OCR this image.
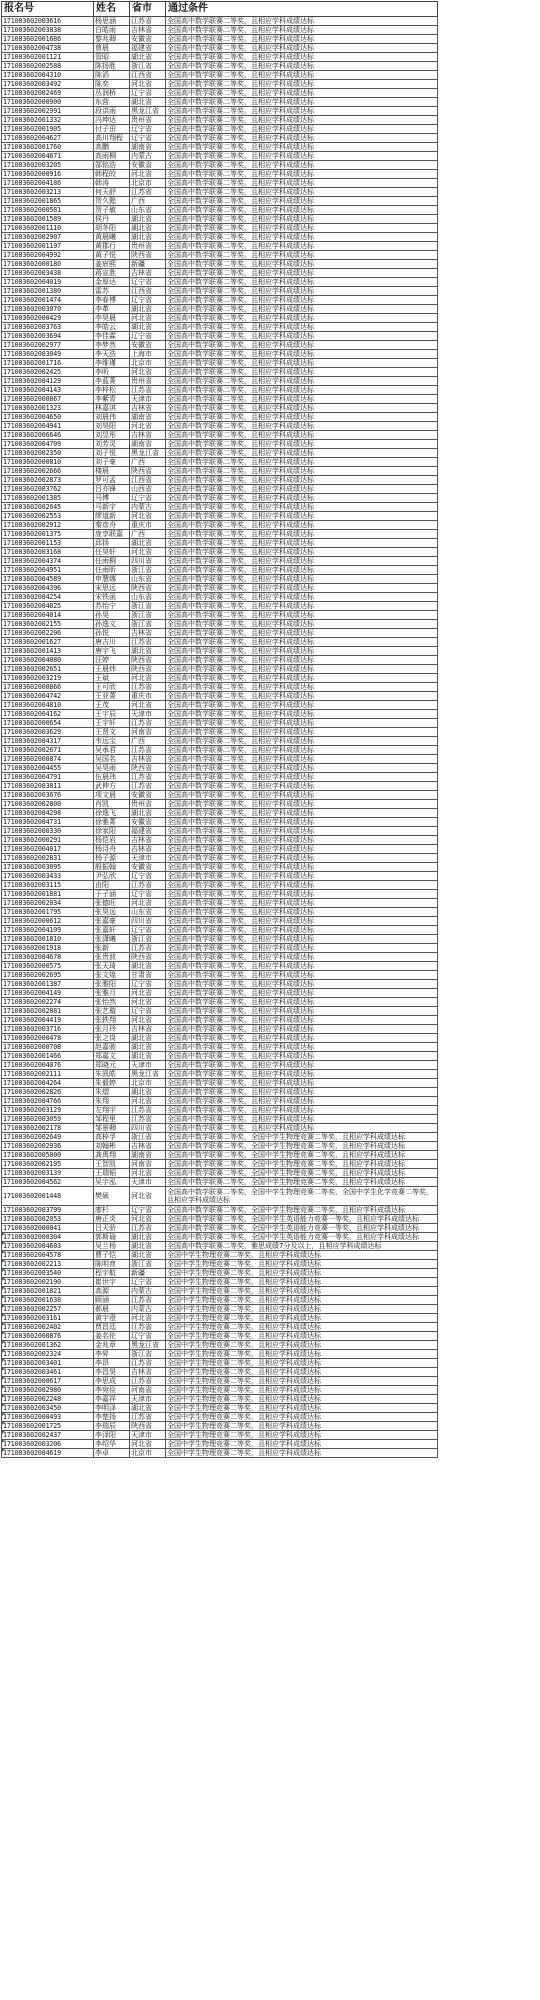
报名号	姓名	省市	通过条件
171003602003616	杨思涵	江苏省	全国高中数学联赛二等奖，且相应学科成绩达标
171003602003838	白皓雨	吉林省	全国高中数学联赛二等奖，且相应学科成绩达标
171003602001686	黎兆卿	安徽省	全国高中数学联赛二等奖，且相应学科成绩达标
171003602004738	曾晨	福建省	全国高中数学联赛二等奖，且相应学科成绩达标
171003602001121	管昭	湖北省	全国高中数学联赛二等奖，且相应学科成绩达标
171003602002588	陈扬胜	浙江省	全国高中数学联赛二等奖，且相应学科成绩达标
171003602004310	陈滔	江西省	全国高中数学联赛二等奖，且相应学科成绩达标
171003602003492	陈奕	河北省	全国高中数学联赛二等奖，且相应学科成绩达标
171003602002469	丛润桥	辽宁省	全国高中数学联赛二等奖，且相应学科成绩达标
171003602000900	东营	湖北省	全国高中数学联赛二等奖，且相应学科成绩达标
171003602002991	段洪雨	黑龙江省	全国高中数学联赛二等奖，且相应学科成绩达标
171003602001332	冯坤达	贵州省	全国高中数学联赛二等奖，且相应学科成绩达标
171003602001905	付子田	辽宁省	全国高中数学联赛二等奖，且相应学科成绩达标
171003602004627	高川翔程	辽宁省	全国高中数学联赛二等奖，且相应学科成绩达标
171003602001760	高鹏	湖南省	全国高中数学联赛二等奖，且相应学科成绩达标
171003602004671	高雨桐	内蒙古	全国高中数学联赛二等奖，且相应学科成绩达标
171003602003205	郜铭浩	安徽省	全国高中数学联赛二等奖，且相应学科成绩达标
171003602000916	韩程皎	河北省	全国高中数学联赛二等奖，且相应学科成绩达标
171003602004186	韩涛	北京市	全国高中数学联赛二等奖，且相应学科成绩达标
171003602003213	何天舒	江苏省	全国高中数学联赛二等奖，且相应学科成绩达标
171003602001865	贺久懿	广西	全国高中数学联赛二等奖，且相应学科成绩达标
171003602000581	贺子敏	山东省	全国高中数学联赛二等奖，且相应学科成绩达标
171003602001589	侯丹	湖北省	全国高中数学联赛二等奖，且相应学科成绩达标
171003602001110	胡冬阳	湖北省	全国高中数学联赛二等奖，且相应学科成绩达标
171003602002907	黄晨曦	湖北省	全国高中数学联赛二等奖，且相应学科成绩达标
171003602001197	黄郡行	贵州省	全国高中数学联赛二等奖，且相应学科成绩达标
171003602004992	黄子悦	陕西省	全国高中数学联赛二等奖，且相应学科成绩达标
171003602000180	姜宸熙	新疆	全国高中数学联赛二等奖，且相应学科成绩达标
171003602003438	蒋宣胜	吉林省	全国高中数学联赛二等奖，且相应学科成绩达标
171003602004019	金厚达	辽宁省	全国高中数学联赛二等奖，且相应学科成绩达标
171003602001380	雷苏	江西省	全国高中数学联赛二等奖，且相应学科成绩达标
171003602001474	李春博	辽宁省	全国高中数学联赛二等奖，且相应学科成绩达标
171003602003070	李革	湖北省	全国高中数学联赛二等奖，且相应学科成绩达标
171003602000429	李昊晨	河北省	全国高中数学联赛二等奖，且相应学科成绩达标
171003602003763	李皓云	湖北省	全国高中数学联赛二等奖，且相应学科成绩达标
171003602003694	李佳霖	辽宁省	全国高中数学联赛二等奖，且相应学科成绩达标
171003602002977	李梦然	安徽省	全国高中数学联赛二等奖，且相应学科成绩达标
171003602003049	李天浩	上海市	全国高中数学联赛二等奖，且相应学科成绩达标
171003602001716	李维瑾	北京市	全国高中数学联赛二等奖，且相应学科成绩达标
171003602002425	李昕	河北省	全国高中数学联赛二等奖，且相应学科成绩达标
171003602004129	李蓝菁	贵州省	全国高中数学联赛二等奖，且相应学科成绩达标
171003602004143	李梓松	江苏省	全国高中数学联赛二等奖，且相应学科成绩达标
171003602000867	李紫青	天津市	全国高中数学联赛二等奖，且相应学科成绩达标
171003602001323	林嘉淇	吉林省	全国高中数学联赛二等奖，且相应学科成绩达标
171003602004650	刘晨伟	湖南省	全国高中数学联赛二等奖，且相应学科成绩达标
171003602004941	刘昊阳	河北省	全国高中数学联赛二等奖，且相应学科成绩达标
171003602006646	刘昱彤	吉林省	全国高中数学联赛二等奖，且相应学科成绩达标
171003602004709	刘芳灵	湖南省	全国高中数学联赛二等奖，且相应学科成绩达标
171003602002350	刘子悦	黑龙江省	全国高中数学联赛二等奖，且相应学科成绩达标
171003602000810	刘子豪	广西	全国高中数学联赛二等奖，且相应学科成绩达标
171003602002666	楼晨	陕西省	全国高中数学联赛二等奖，且相应学科成绩达标
171003602002873	罗可孟	江西省	全国高中数学联赛二等奖，且相应学科成绩达标
171003602003762	吕亦锋	山西省	全国高中数学联赛二等奖，且相应学科成绩达标
171003602001385	马博	辽宁省	全国高中数学联赛二等奖，且相应学科成绩达标
171003602002645	马新宇	内蒙古	全国高中数学联赛二等奖，且相应学科成绩达标
171003602002553	缪道新	河北省	全国高中数学联赛二等奖，且相应学科成绩达标
171003602002912	秦彦舟	重庆市	全国高中数学联赛二等奖，且相应学科成绩达标
171003602001375	庞享联嘉	广西	全国高中数学联赛二等奖，且相应学科成绩达标
171003602001153	邱扬	湖北省	全国高中数学联赛二等奖，且相应学科成绩达标
171003602003168	任昊轩	河北省	全国高中数学联赛二等奖，且相应学科成绩达标
171003602004374	任雨桐	四川省	全国高中数学联赛二等奖，且相应学科成绩达标
171003602004951	任雨昕	浙江省	全国高中数学联赛二等奖，且相应学科成绩达标
171003602004589	申慧娜	山东省	全国高中数学联赛二等奖，且相应学科成绩达标
171003602004396	宋思远	陕西省	全国高中数学联赛二等奖，且相应学科成绩达标
171003602004254	宋铁函	山东省	全国高中数学联赛二等奖，且相应学科成绩达标
171003602004025	苏怡宁	浙江省	全国高中数学联赛二等奖，且相应学科成绩达标
171003602004014	孙昊	浙江省	全国高中数学联赛二等奖，且相应学科成绩达标
171003602002155	孙逸文	浙江省	全国高中数学联赛二等奖，且相应学科成绩达标
171003602002206	孙悦	吉林省	全国高中数学联赛二等奖，且相应学科成绩达标
171003602001627	唐吉川	江苏省	全国高中数学联赛二等奖，且相应学科成绩达标
171003602001413	唐宇飞	湖北省	全国高中数学联赛二等奖，且相应学科成绩达标
171003602004080	汪婷	陕西省	全国高中数学联赛二等奖，且相应学科成绩达标
171003602002651	王晨炜	陕西省	全国高中数学联赛二等奖，且相应学科成绩达标
171003602003219	王斌	河北省	全国高中数学联赛二等奖，且相应学科成绩达标
171003602000866	王可欣	江苏省	全国高中数学联赛二等奖，且相应学科成绩达标
171003602004742	王亚菁	重庆市	全国高中数学联赛二等奖，且相应学科成绩达标
171003602004810	王茂	河北省	全国高中数学联赛二等奖，且相应学科成绩达标
171003602004162	王宇辰	天津市	全国高中数学联赛二等奖，且相应学科成绩达标
171003602000654	王宇轩	江苏省	全国高中数学联赛二等奖，且相应学科成绩达标
171003602003629	王贤文	河南省	全国高中数学联赛二等奖，且相应学科成绩达标
171003602004317	韦远宝	广西	全国高中数学联赛二等奖，且相应学科成绩达标
171003602002671	吴承君	江苏省	全国高中数学联赛二等奖，且相应学科成绩达标
171003602000874	吴国名	吉林省	全国高中数学联赛二等奖，且相应学科成绩达标
171003602004455	吴昊雨	陕西省	全国高中数学联赛二等奖，且相应学科成绩达标
171003602004791	伍晨玮	江苏省	全国高中数学联赛二等奖，且相应学科成绩达标
171003602003811	武伸方	江苏省	全国高中数学联赛二等奖，且相应学科成绩达标
171003602003676	项文晨	安徽省	全国高中数学联赛二等奖，且相应学科成绩达标
171003602002000	肖凯	贵州省	全国高中数学联赛二等奖，且相应学科成绩达标
171003602004298	徐逸飞	湖北省	全国高中数学联赛二等奖，且相应学科成绩达标
171003602004731	徐雅菁	安徽省	全国高中数学联赛二等奖，且相应学科成绩达标
171003602000330	徐家阳	福建省	全国高中数学联赛二等奖，且相应学科成绩达标
171003602000291	杨恺岩	吉林省	全国高中数学联赛二等奖，且相应学科成绩达标
171003602004017	杨浔舟	吉林省	全国高中数学联赛二等奖，且相应学科成绩达标
171003602002831	杨子源	天津市	全国高中数学联赛二等奖，且相应学科成绩达标
171003602003095	殷振翰	安徽省	全国高中数学联赛二等奖，且相应学科成绩达标
171003602003433	尹弘欣	辽宁省	全国高中数学联赛二等奖，且相应学科成绩达标
171003602003115	由阳	江苏省	全国高中数学联赛二等奖，且相应学科成绩达标
171003602001881	于子涵	辽宁省	全国高中数学联赛二等奖，且相应学科成绩达标
171003602002034	张德旺	河北省	全国高中数学联赛二等奖，且相应学科成绩达标
171003602001795	张昊远	山东省	全国高中数学联赛二等奖，且相应学科成绩达标
171003602000612	张嘉豪	四川省	全国高中数学联赛二等奖，且相应学科成绩达标
171003602004109	张嘉轩	辽宁省	全国高中数学联赛二等奖，且相应学科成绩达标
171003602001810	张潇曦	浙江省	全国高中数学联赛二等奖，且相应学科成绩达标
171003602001918	张新	江苏省	全国高中数学联赛二等奖，且相应学科成绩达标
171003602004678	张贵波	陕西省	全国高中数学联赛二等奖，且相应学科成绩达标
171003602000575	张天琦	湖北省	全国高中数学联赛二等奖，且相应学科成绩达标
171003602002695	张文煌	甘肃省	全国高中数学联赛二等奖，且相应学科成绩达标
171003602001387	张雅阳	辽宁省	全国高中数学联赛二等奖，且相应学科成绩达标
171003602004149	张雅月	河北省	全国高中数学联赛二等奖，且相应学科成绩达标
171003602002274	张怡然	河北省	全国高中数学联赛二等奖，且相应学科成绩达标
171003602002881	张艺璇	辽宁省	全国高中数学联赛二等奖，且相应学科成绩达标
171003602004419	张轶翔	河北省	全国高中数学联赛二等奖，且相应学科成绩达标
171003602003716	张月玲	吉林省	全国高中数学联赛二等奖，且相应学科成绩达标
171003602000478	张之岗	湖北省	全国高中数学联赛二等奖，且相应学科成绩达标
171003602000708	赵嘉骏	湖北省	全国高中数学联赛二等奖，且相应学科成绩达标
171003602001466	郑嘉文	湖北省	全国高中数学联赛二等奖，且相应学科成绩达标
171003602004076	郑晓元	天津市	全国高中数学联赛二等奖，且相应学科成绩达标
171003602002111	朱凯皓	黑龙江省	全国高中数学联赛二等奖，且相应学科成绩达标
171003602004264	朱毅婷	北京市	全国高中数学联赛二等奖，且相应学科成绩达标
171003602002826	朱熠	湖北省	全国高中数学联赛二等奖，且相应学科成绩达标
171003602004766	朱翔	河北省	全国高中数学联赛二等奖，且相应学科成绩达标
171003602003129	左翔宇	江苏省	全国高中数学联赛二等奖，且相应学科成绩达标
171003602003059	邹程里	江苏省	全国高中数学联赛二等奖，且相应学科成绩达标
171003602002178	邹景卿	四川省	全国高中数学联赛二等奖，且相应学科成绩达标
171003602002649	高梓孚	浙江省	全国高中数学联赛二等奖，全国中学生物理竞赛二等奖，且相应学科成绩达标
171003602002936	刘翰彬	吉林省	全国高中数学联赛二等奖，全国中学生物理竞赛二等奖，且相应学科成绩达标
171003602005000	龚禹翔	湖南省	全国高中数学联赛二等奖，全国中学生物理竞赛二等奖，且相应学科成绩达标
171003602002195	王智凯	河南省	全国高中数学联赛二等奖，全国中学生物理竞赛二等奖，且相应学科成绩达标
171003602003139	王瑞韬	河北省	全国高中数学联赛二等奖，全国中学生物理竞赛二等奖，且相应学科成绩达标
171003602004562	吴宇泓	天津市	全国高中数学联赛二等奖，全国中学生物理竞赛二等奖，且相应学科成绩达标
171003602001448	樊硕	河北省	全国高中数学联赛二等奖，全国中学生物理竞赛二等奖，全国中学生化学竞赛二等奖，且相应学科成绩达标
171003602003799	廖杉	辽宁省	全国高中数学联赛二等奖，全国中学生物理竞赛二等奖，且相应学科成绩达标
171003602002053	唐正炎	河北省	全国高中数学联赛二等奖，全国中学生英语能力竞赛一等奖，且相应学科成绩达标
171003602000041	吕天骄	江苏省	全国高中数学联赛二等奖，全国中学生英语能力竞赛一等奖，且相应学科成绩达标
171003602000304	郭斯瑜	湖北省	全国高中数学联赛二等奖，全国中学生英语能力竞赛一等奖，且相应学科成绩达标
171003602004603	吴兰杨	湖北省	全国高中数学联赛二等奖，雅思成绩7分及以上，且相应学科成绩达标
171003602004578	曹子恺	湖北省	全国中学生物理竞赛二等奖，且相应学科成绩达标
171003602002213	陈明育	浙江省	全国中学生物理竞赛二等奖，且相应学科成绩达标
171003602003540	程宇航	新疆	全国中学生物理竞赛二等奖，且相应学科成绩达标
171003602002190	崔世宇	辽宁省	全国中学生物理竞赛二等奖，且相应学科成绩达标
171003602001821	高源	内蒙古	全国中学生物理竞赛二等奖，且相应学科成绩达标
171003602001638	顾涵	江苏省	全国中学生物理竞赛二等奖，且相应学科成绩达标
171003602002257	郝晨	内蒙古	全国中学生物理竞赛二等奖，且相应学科成绩达标
171003602003161	黄宇澄	河北省	全国中学生物理竞赛二等奖，且相应学科成绩达标
171003602002402	贾昌廷	江苏省	全国中学生物理竞赛二等奖，且相应学科成绩达标
171003602000876	姜名伦	辽宁省	全国中学生物理竞赛二等奖，且相应学科成绩达标
171003602001362	金兆章	黑龙江省	全国中学生物理竞赛二等奖，且相应学科成绩达标
171003602002324	李昇	浙江省	全国中学生物理竞赛二等奖，且相应学科成绩达标
171003602003401	李昂	江苏省	全国中学生物理竞赛二等奖，且相应学科成绩达标
171003602003461	李昌昊	吉林省	全国中学生物理竞赛二等奖，且相应学科成绩达标
171003602000617	李思成	江苏省	全国中学生物理竞赛二等奖，且相应学科成绩达标
171003602002980	李宛俭	河南省	全国中学生物理竞赛二等奖，且相应学科成绩达标
171003602002248	李嘉祥	天津市	全国中学生物理竞赛二等奖，且相应学科成绩达标
171003602003450	李明泽	湖北省	全国中学生物理竞赛二等奖，且相应学科成绩达标
171003602000493	李楚扬	江苏省	全国中学生物理竞赛二等奖，且相应学科成绩达标
171003602001725	李瑞辰	陕西省	全国中学生物理竞赛二等奖，且相应学科成绩达标
171003602002437	李泽阳	天津市	全国中学生物理竞赛二等奖，且相应学科成绩达标
171003602003206	李绍华	河北省	全国中学生物理竞赛二等奖，且相应学科成绩达标
171003602004619	李卓	北京市	全国中学生物理竞赛二等奖，且相应学科成绩达标
